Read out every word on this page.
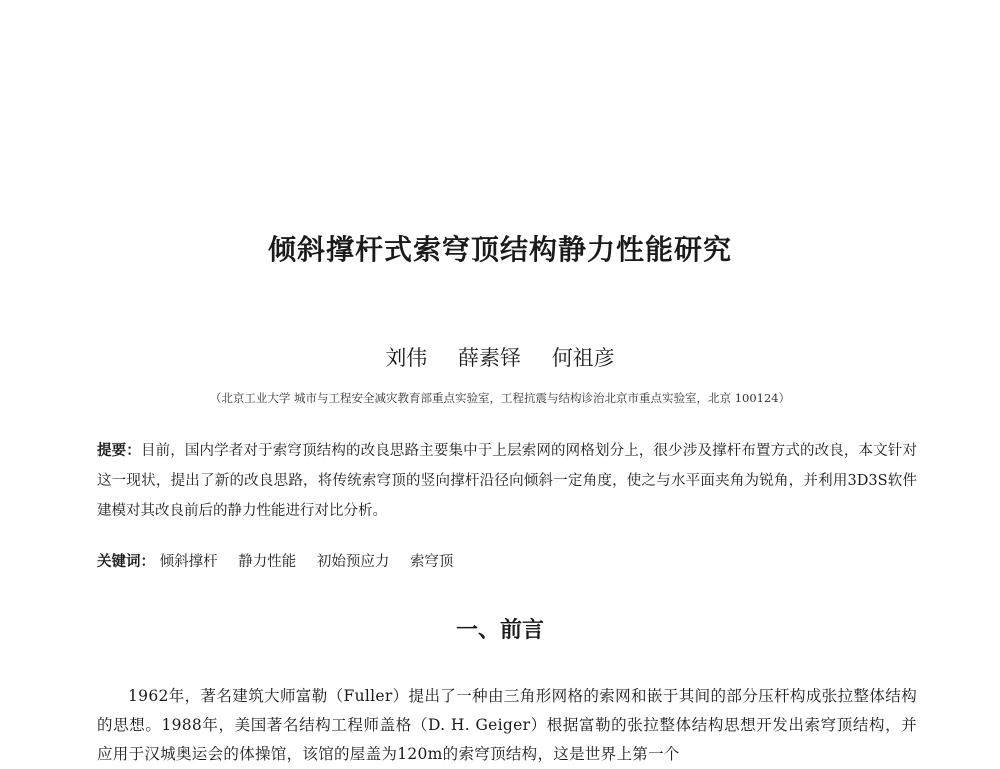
倾斜撑杆式索穹顶结构静力性能研究
刘伟 薛素铎 何祖彦
（北京工业大学 城市与工程安全减灾教育部重点实验室，工程抗震与结构诊治北京市重点实验室，北京 100124）
提要：目前，国内学者对于索穹顶结构的改良思路主要集中于上层索网的网格划分上，很少涉及撑杆布置方式的改良，本文针对这一现状，提出了新的改良思路，将传统索穹顶的竖向撑杆沿径向倾斜一定角度，使之与水平面夹角为锐角，并利用3D3S软件建模对其改良前后的静力性能进行对比分析。
关键词： 倾斜撑杆 静力性能 初始预应力 索穹顶
一、前言
1962年，著名建筑大师富勒（Fuller）提出了一种由三角形网格的索网和嵌于其间的部分压杆构成张拉整体结构的思想。1988年，美国著名结构工程师盖格（D. H. Geiger）根据富勒的张拉整体结构思想开发出索穹顶结构，并应用于汉城奥运会的体操馆，该馆的屋盖为120m的索穹顶结构，这是世界上第一个
